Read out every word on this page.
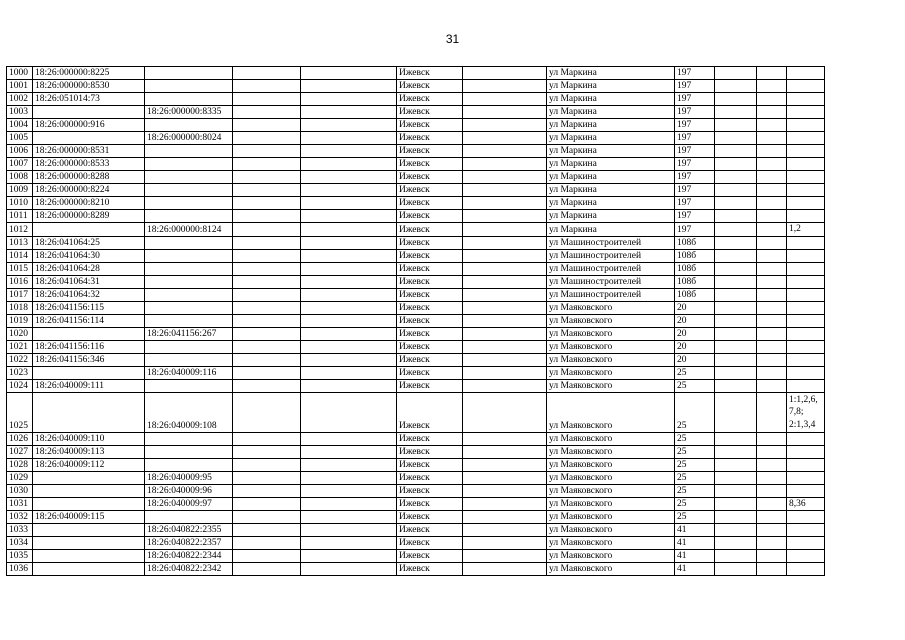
31
1000	18:26:000000:8225				Ижевск		ул Маркина	197			
1001	18:26:000000:8530				Ижевск		ул Маркина	197			
1002	18:26:051014:73				Ижевск		ул Маркина	197			
1003		18:26:000000:8335			Ижевск		ул Маркина	197			
1004	18:26:000000:916				Ижевск		ул Маркина	197			
1005		18:26:000000:8024			Ижевск		ул Маркина	197			
1006	18:26:000000:8531				Ижевск		ул Маркина	197			
1007	18:26:000000:8533				Ижевск		ул Маркина	197			
1008	18:26:000000:8288				Ижевск		ул Маркина	197			
1009	18:26:000000:8224				Ижевск		ул Маркина	197			
1010	18:26:000000:8210				Ижевск		ул Маркина	197			
1011	18:26:000000:8289				Ижевск		ул Маркина	197			
1012		18:26:000000:8124			Ижевск		ул Маркина	197			1,2
1013	18:26:041064:25				Ижевск		ул Машиностроителей	108б			
1014	18:26:041064:30				Ижевск		ул Машиностроителей	108б			
1015	18:26:041064:28				Ижевск		ул Машиностроителей	108б			
1016	18:26:041064:31				Ижевск		ул Машиностроителей	108б			
1017	18:26:041064:32				Ижевск		ул Машиностроителей	108б			
1018	18:26:041156:115				Ижевск		ул Маяковского	20			
1019	18:26:041156:114				Ижевск		ул Маяковского	20			
1020		18:26:041156:267			Ижевск		ул Маяковского	20			
1021	18:26:041156:116				Ижевск		ул Маяковского	20			
1022	18:26:041156:346				Ижевск		ул Маяковского	20			
1023		18:26:040009:116			Ижевск		ул Маяковского	25			
1024	18:26:040009:111				Ижевск		ул Маяковского	25			
1025		18:26:040009:108			Ижевск		ул Маяковского	25			1:1,2,6,
7,8;
2:1,3,4
1026	18:26:040009:110				Ижевск		ул Маяковского	25			
1027	18:26:040009:113				Ижевск		ул Маяковского	25			
1028	18:26:040009:112				Ижевск		ул Маяковского	25			
1029		18:26:040009:95			Ижевск		ул Маяковского	25			
1030		18:26:040009:96			Ижевск		ул Маяковского	25			
1031		18:26:040009:97			Ижевск		ул Маяковского	25			8,36
1032	18:26:040009:115				Ижевск		ул Маяковского	25			
1033		18:26:040822:2355			Ижевск		ул Маяковского	41			
1034		18:26:040822:2357			Ижевск		ул Маяковского	41			
1035		18:26:040822:2344			Ижевск		ул Маяковского	41			
1036		18:26:040822:2342			Ижевск		ул Маяковского	41			
